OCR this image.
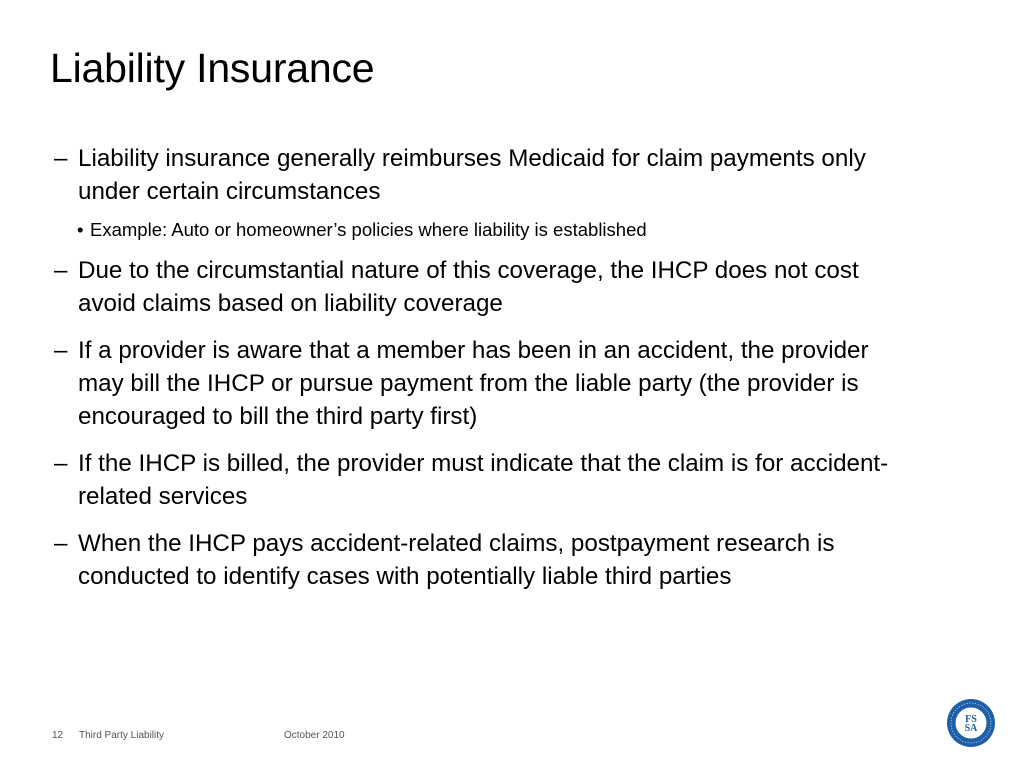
Liability Insurance
– Liability insurance generally reimburses Medicaid for claim payments only under certain circumstances
• Example: Auto or homeowner’s policies where liability is established
– Due to the circumstantial nature of this coverage, the IHCP does not cost avoid claims based on liability coverage
– If a provider is aware that a member has been in an accident, the provider may bill the IHCP or pursue payment from the liable party (the provider is encouraged to bill the third party first)
– If the IHCP is billed, the provider must indicate that the claim is for accident-related services
– When the IHCP pays accident-related claims, postpayment research is conducted to identify cases with potentially liable third parties
12 Third Party Liability	October 2010
FS
SA
